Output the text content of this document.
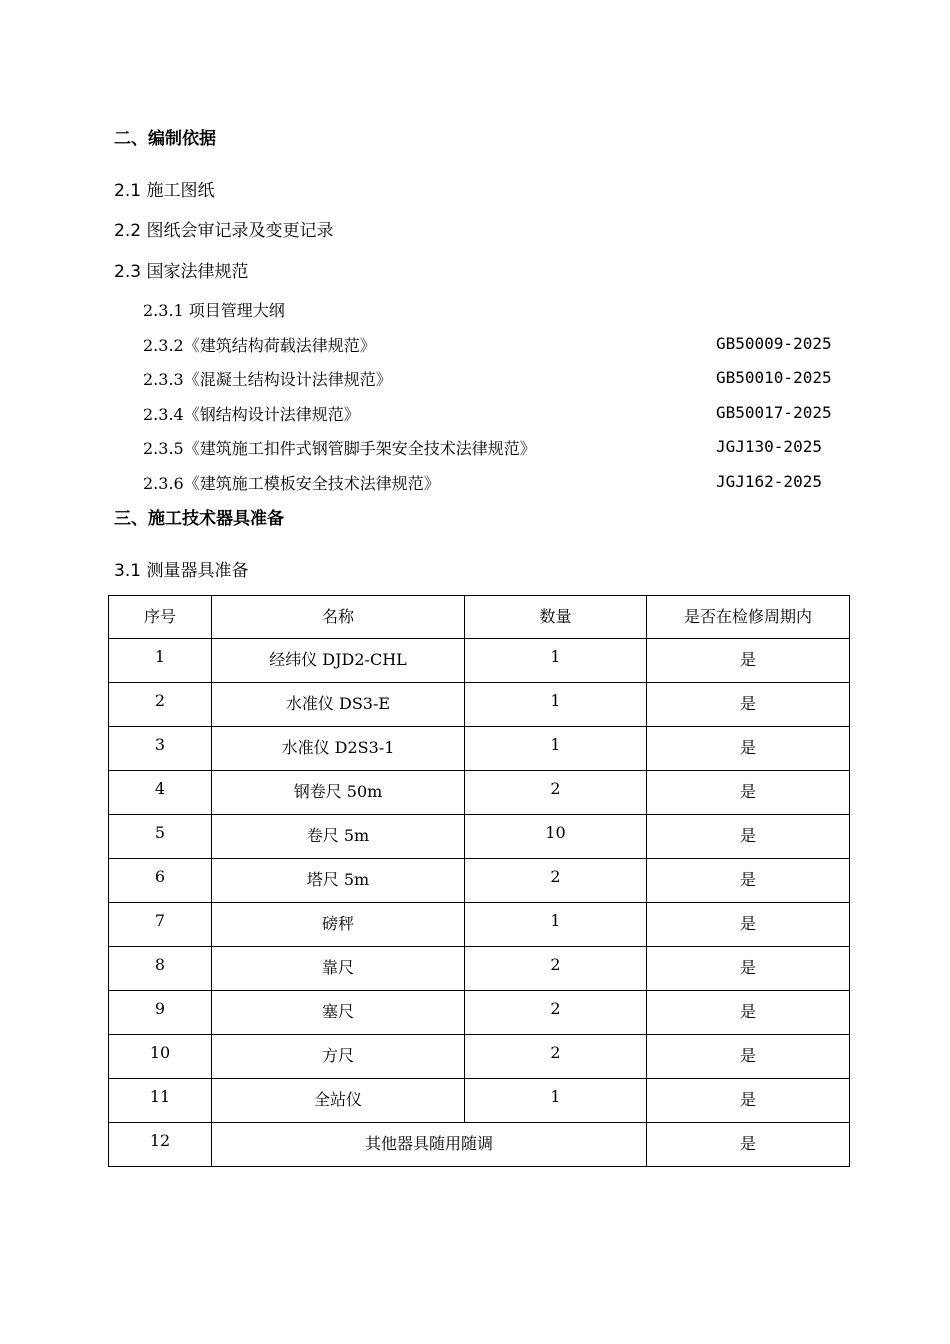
二、编制依据
2.1 施工图纸
2.2 图纸会审记录及变更记录
2.3 国家法律规范
2.3.1 项目管理大纲
2.3.2《建筑结构荷载法律规范》	GB50009-2025
2.3.3《混凝土结构设计法律规范》	GB50010-2025
2.3.4《钢结构设计法律规范》	GB50017-2025
2.3.5《建筑施工扣件式钢管脚手架安全技术法律规范》	JGJ130-2025
2.3.6《建筑施工模板安全技术法律规范》	JGJ162-2025
三、施工技术器具准备
3.1 测量器具准备
序号	名称	数量	是否在检修周期内
1	经纬仪 DJD2-CHL	1	是
2	水准仪 DS3-E	1	是
3	水准仪 D2S3-1	1	是
4	钢卷尺 50m	2	是
5	卷尺 5m	10	是
6	塔尺 5m	2	是
7	磅秤	1	是
8	靠尺	2	是
9	塞尺	2	是
10	方尺	2	是
11	全站仪	1	是
12	其他器具随用随调		是
